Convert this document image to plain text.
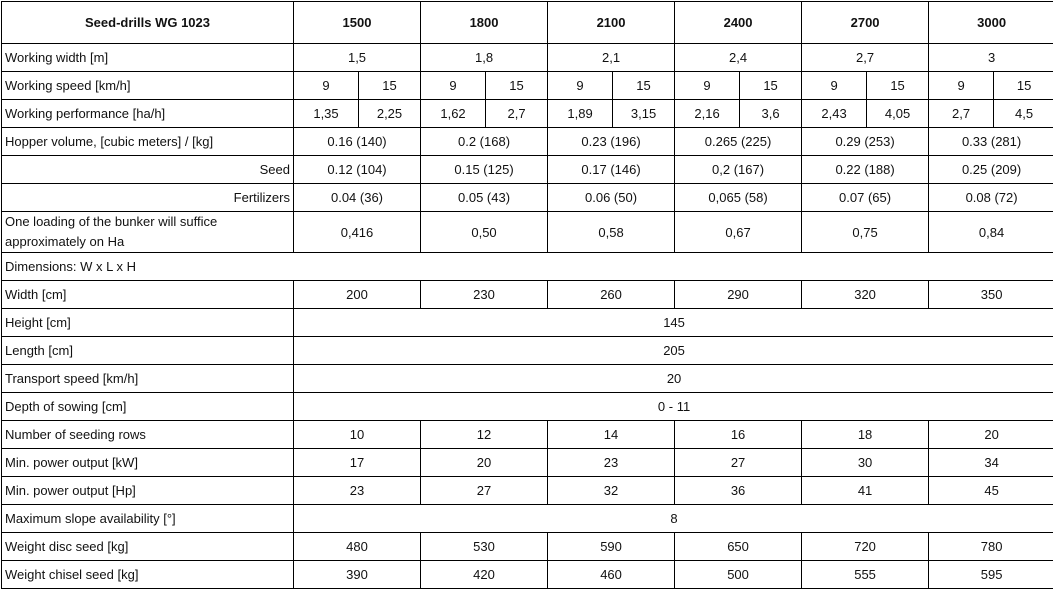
Seed-drills WG 1023	1500		1800		2100		2400		2700		3000	
Working width [m]	1,5		1,8		2,1		2,4		2,7		3	
Working speed [km/h]	9	15	9	15	9	15	9	15	9	15	9	15
Working performance [ha/h]	1,35	2,25	1,62	2,7	1,89	3,15	2,16	3,6	2,43	4,05	2,7	4,5
Hopper volume, [cubic meters] / [kg]	0.16 (140)		0.2 (168)		0.23 (196)		0.265 (225)		0.29 (253)		0.33 (281)	
Seed	0.12 (104)		0.15 (125)		0.17 (146)		0,2 (167)		0.22 (188)		0.25 (209)	
Fertilizers	0.04 (36)		0.05 (43)		0.06 (50)		0,065 (58)		0.07 (65)		0.08 (72)	
One loading of the bunker will suffice approximately on Ha	0,416		0,50		0,58		0,67		0,75		0,84	
Dimensions: W x L x H												
Width [cm]	200		230		260		290		320		350	
Height [cm]	145											
Length [cm]	205											
Transport speed [km/h]	20											
Depth of sowing [cm]	0 - 11											
Number of seeding rows	10		12		14		16		18		20	
Min. power output [kW]	17		20		23		27		30		34	
Min. power output [Hp]	23		27		32		36		41		45	
Maximum slope availability [°]	8											
Weight disc seed [kg]	480		530		590		650		720		780	
Weight chisel seed [kg]	390		420		460		500		555		595	
